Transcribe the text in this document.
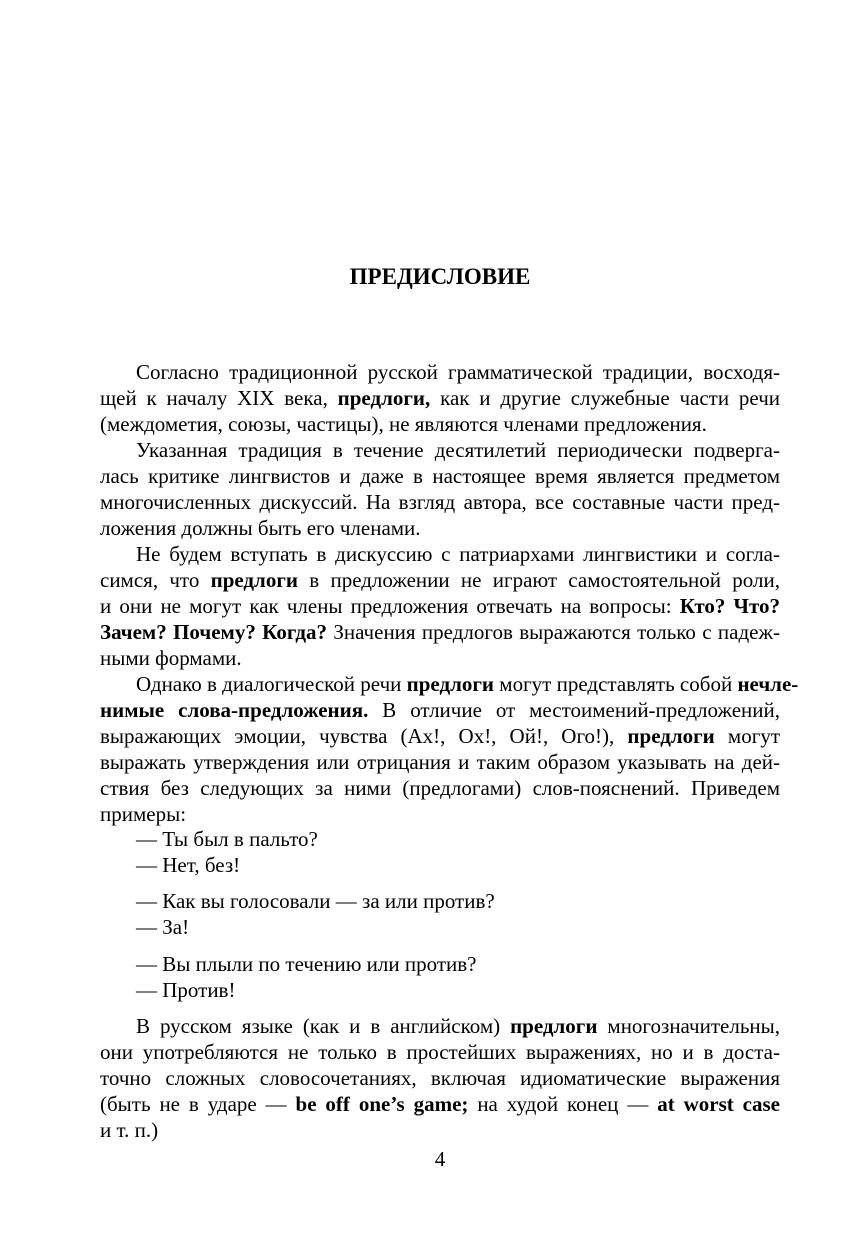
ПРЕДИСЛОВИЕ
Согласно традиционной русской грамматической традиции, восходя-
щей к началу XIX века, предлоги, как и другие служебные части речи
(междометия, союзы, частицы), не являются членами предложения.
Указанная традиция в течение десятилетий периодически подверга-
лась критике лингвистов и даже в настоящее время является предметом
многочисленных дискуссий. На взгляд автора, все составные части пред-
ложения должны быть его членами.
Не будем вступать в дискуссию с патриархами лингвистики и согла-
симся, что предлоги в предложении не играют самостоятельной роли,
и они не могут как члены предложения отвечать на вопросы: Кто? Что?
Зачем? Почему? Когда? Значения предлогов выражаются только с падеж-
ными формами.
Однако в диалогической речи предлоги могут представлять собой нечле-
нимые слова-предложения. В отличие от местоимений-предложений,
выражающих эмоции, чувства (Ах!, Ох!, Ой!, Ого!), предлоги могут
выражать утверждения или отрицания и таким образом указывать на дей-
ствия без следующих за ними (предлогами) слов-пояснений. Приведем
примеры:
— Ты был в пальто?
— Нет, без!
— Как вы голосовали — за или против?
— За!
— Вы плыли по течению или против?
— Против!
В русском языке (как и в английском) предлоги многозначительны,
они употребляются не только в простейших выражениях, но и в доста-
точно сложных словосочетаниях, включая идиоматические выражения
(быть не в ударе — be off one’s game; на худой конец — at worst case
и т. п.)
4
